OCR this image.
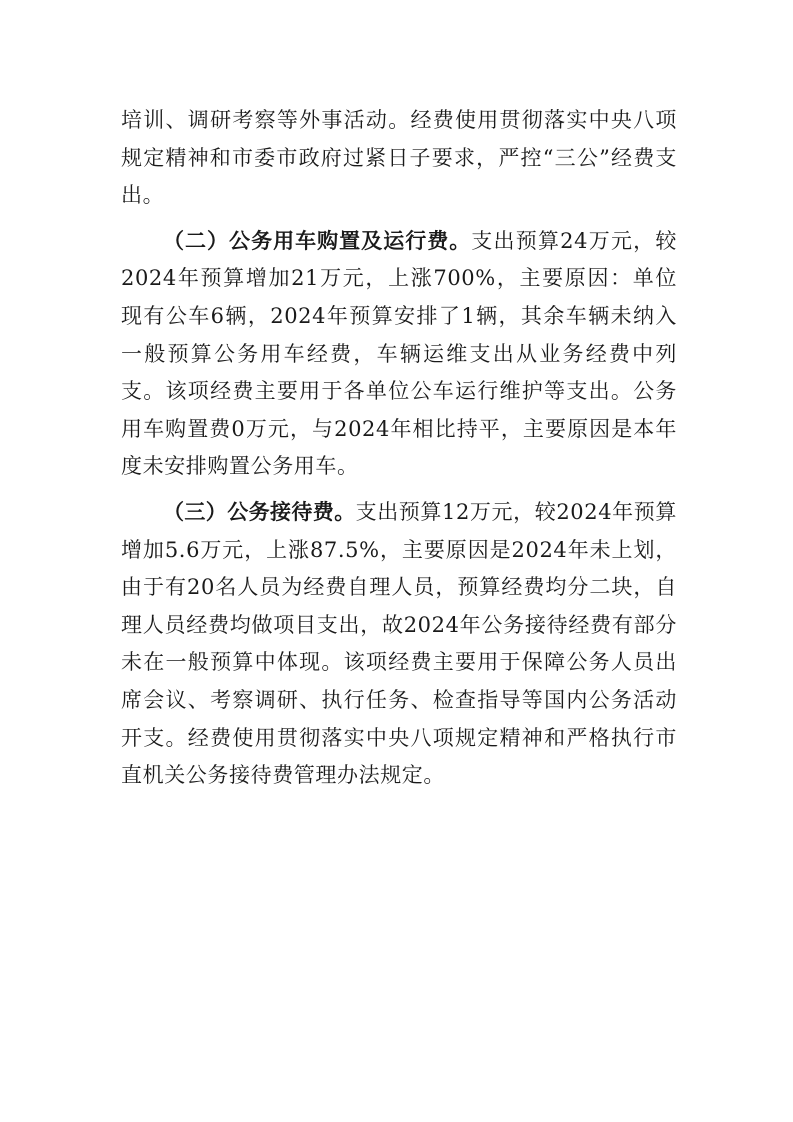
培训、调研考察等外事活动。经费使用贯彻落实中央八项规定精神和市委市政府过紧日子要求，严控“三公”经费支出。

（二）公务用车购置及运行费。支出预算24万元，较2024年预算增加21万元，上涨700%，主要原因：单位现有公车6辆，2024年预算安排了1辆，其余车辆未纳入一般预算公务用车经费，车辆运维支出从业务经费中列支。该项经费主要用于各单位公车运行维护等支出。公务用车购置费0万元，与2024年相比持平，主要原因是本年度未安排购置公务用车。

（三）公务接待费。支出预算12万元，较2024年预算增加5.6万元，上涨87.5%，主要原因是2024年未上划，由于有20名人员为经费自理人员，预算经费均分二块，自理人员经费均做项目支出，故2024年公务接待经费有部分未在一般预算中体现。该项经费主要用于保障公务人员出席会议、考察调研、执行任务、检查指导等国内公务活动开支。经费使用贯彻落实中央八项规定精神和严格执行市直机关公务接待费管理办法规定。
